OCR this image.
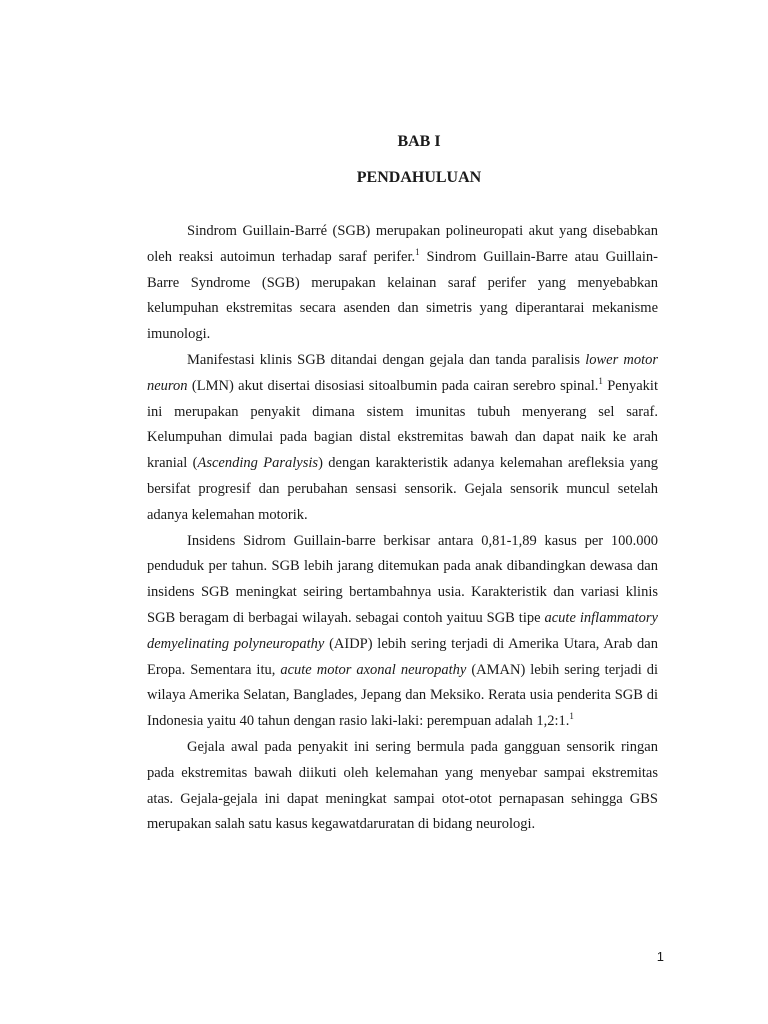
BAB I
PENDAHULUAN

Sindrom Guillain-Barré (SGB) merupakan polineuropati akut yang disebabkan oleh reaksi autoimun terhadap saraf perifer.$^1$ Sindrom Guillain-Barre atau Guillain-Barre Syndrome (SGB) merupakan kelainan saraf perifer yang menyebabkan kelumpuhan ekstremitas secara asenden dan simetris yang diperantarai mekanisme imunologi.

Manifestasi klinis SGB ditandai dengan gejala dan tanda paralisis lower motor neuron (LMN) akut disertai disosiasi sitoalbumin pada cairan serebro spinal.$^1$ Penyakit ini merupakan penyakit dimana sistem imunitas tubuh menyerang sel saraf. Kelumpuhan dimulai pada bagian distal ekstremitas bawah dan dapat naik ke arah kranial (Ascending Paralysis) dengan karakteristik adanya kelemahan arefleksia yang bersifat progresif dan perubahan sensasi sensorik. Gejala sensorik muncul setelah adanya kelemahan motorik.

Insidens Sidrom Guillain-barre berkisar antara 0,81-1,89 kasus per 100.000 penduduk per tahun. SGB lebih jarang ditemukan pada anak dibandingkan dewasa dan insidens SGB meningkat seiring bertambahnya usia. Karakteristik dan variasi klinis SGB beragam di berbagai wilayah. sebagai contoh yaituu SGB tipe acute inflammatory demyelinating polyneuropathy (AIDP) lebih sering terjadi di Amerika Utara, Arab dan Eropa. Sementara itu, acute motor axonal neuropathy (AMAN) lebih sering terjadi di wilaya Amerika Selatan, Banglades, Jepang dan Meksiko. Rerata usia penderita SGB di Indonesia yaitu 40 tahun dengan rasio laki-laki: perempuan adalah 1,2:1.$^1$

Gejala awal pada penyakit ini sering bermula pada gangguan sensorik ringan pada ekstremitas bawah diikuti oleh kelemahan yang menyebar sampai ekstremitas atas. Gejala-gejala ini dapat meningkat sampai otot-otot pernapasan sehingga GBS merupakan salah satu kasus kegawatdaruratan di bidang neurologi.

1
